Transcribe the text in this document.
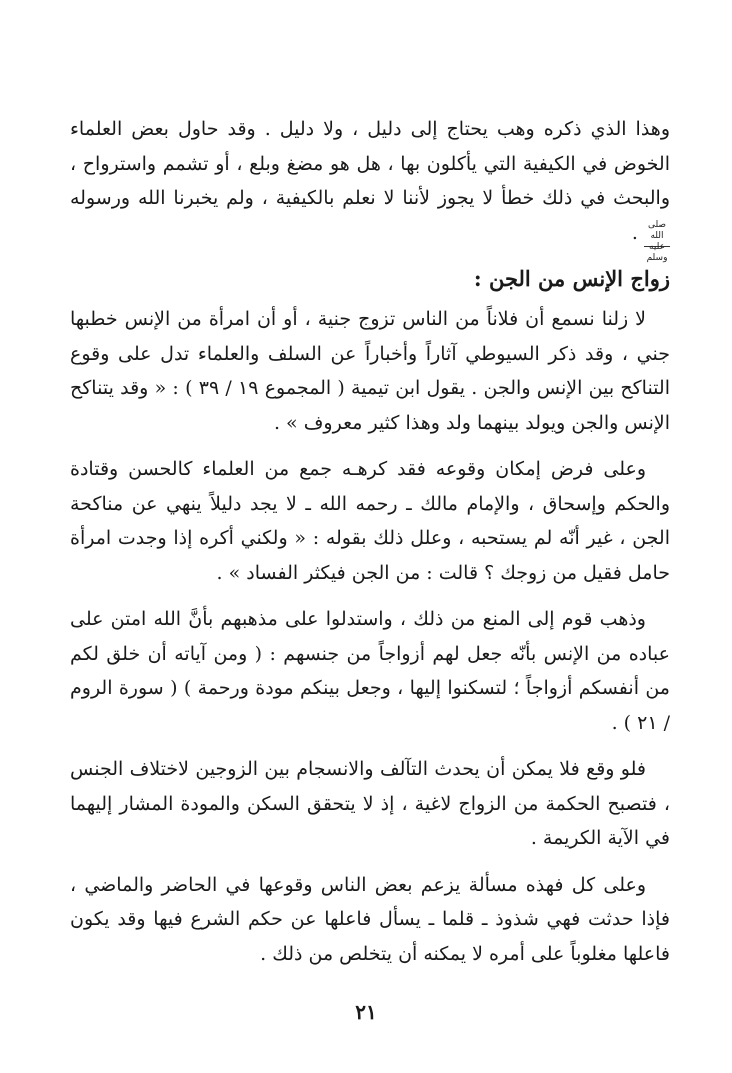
وهذا الذي ذكره وهب يحتاج إلى دليل ، ولا دليل . وقد حاول بعض العلماء الخوض في الكيفية التي يأكلون بها ، هل هو مضغ وبلع ، أو تشمم واسترواح ، والبحث في ذلك خطأ لا يجوز لأننا لا نعلم بالكيفية ، ولم يخبرنا الله ورسوله صلى الله عليه وسلم .

زواج الإنس من الجن :

لا زلنا نسمع أن فلاناً من الناس تزوج جنية ، أو أن امرأة من الإنس خطبها جني ، وقد ذكر السيوطي آثاراً وأخباراً عن السلف والعلماء تدل على وقوع التناكح بين الإنس والجن . يقول ابن تيمية ( المجموع ١٩ / ٣٩ ) : « وقد يتناكح الإنس والجن ويولد بينهما ولد وهذا كثير معروف » .

وعلى فرض إمكان وقوعه فقد كرهـه جمع من العلماء كالحسن وقتادة والحكم وإسحاق ، والإمام مالك ـ رحمه الله ـ لا يجد دليلاً ينهي عن مناكحة الجن ، غير أنّه لم يستحبه ، وعلل ذلك بقوله : « ولكني أكره إذا وجدت امرأة حامل فقيل من زوجك ؟ قالت : من الجن فيكثر الفساد » .

وذهب قوم إلى المنع من ذلك ، واستدلوا على مذهبهم بأنَّ الله امتن على عباده من الإنس بأنّه جعل لهم أزواجاً من جنسهم : ( ومن آياته أن خلق لكم من أنفسكم أزواجاً ؛ لتسكنوا إليها ، وجعل بينكم مودة ورحمة ) ( سورة الروم / ٢١ ) .

فلو وقع فلا يمكن أن يحدث التآلف والانسجام بين الزوجين لاختلاف الجنس ، فتصبح الحكمة من الزواج لاغية ، إذ لا يتحقق السكن والمودة المشار إليهما في الآية الكريمة .

وعلى كل فهذه مسألة يزعم بعض الناس وقوعها في الحاضر والماضي ، فإذا حدثت فهي شذوذ ـ قلما ـ يسأل فاعلها عن حكم الشرع فيها وقد يكون فاعلها مغلوباً على أمره لا يمكنه أن يتخلص من ذلك .

٢١
